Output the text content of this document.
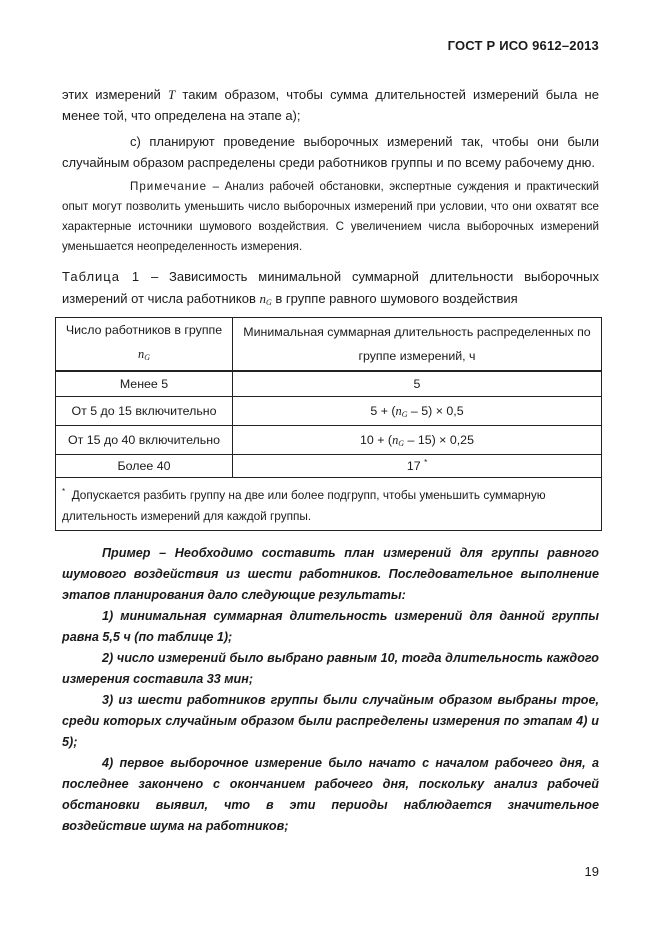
ГОСТ Р ИСО 9612–2013

этих измерений T таким образом, чтобы сумма длительностей измерений была не менее той, что определена на этапе а);

с) планируют проведение выборочных измерений так, чтобы они были случайным образом распределены среди работников группы и по всему рабочему дню.

Примечание – Анализ рабочей обстановки, экспертные суждения и практический опыт могут позволить уменьшить число выборочных измерений при условии, что они охватят все характерные источники шумового воздействия. С увеличением числа выборочных измерений уменьшается неопределенность измерения.

Таблица 1 – Зависимость минимальной суммарной длительности выборочных измерений от числа работников $n_G$ в группе равного шумового воздействия

Число работников в группе
$n_G$	Минимальная суммарная длительность распределенных по группе измерений, ч
Менее 5	5
От 5 до 15 включительно	$5 + (n_G - 5) \times 0,5$
От 15 до 40 включительно	$10 + (n_G - 15) \times 0,25$
Более 40	17 *
* Допускается разбить группу на две или более подгрупп, чтобы уменьшить суммарную длительность измерений для каждой группы.	

Пример – Необходимо составить план измерений для группы равного шумового воздействия из шести работников. Последовательное выполнение этапов планирования дало следующие результаты:

1) минимальная суммарная длительность измерений для данной группы равна 5,5 ч (по таблице 1);

2) число измерений было выбрано равным 10, тогда длительность каждого измерения составила 33 мин;

3) из шести работников группы были случайным образом выбраны трое, среди которых случайным образом были распределены измерения по этапам 4) и 5);

4) первое выборочное измерение было начато с началом рабочего дня, а последнее закончено с окончанием рабочего дня, поскольку анализ рабочей обстановки выявил, что в эти периоды наблюдается значительное воздействие шума на работников;

19
